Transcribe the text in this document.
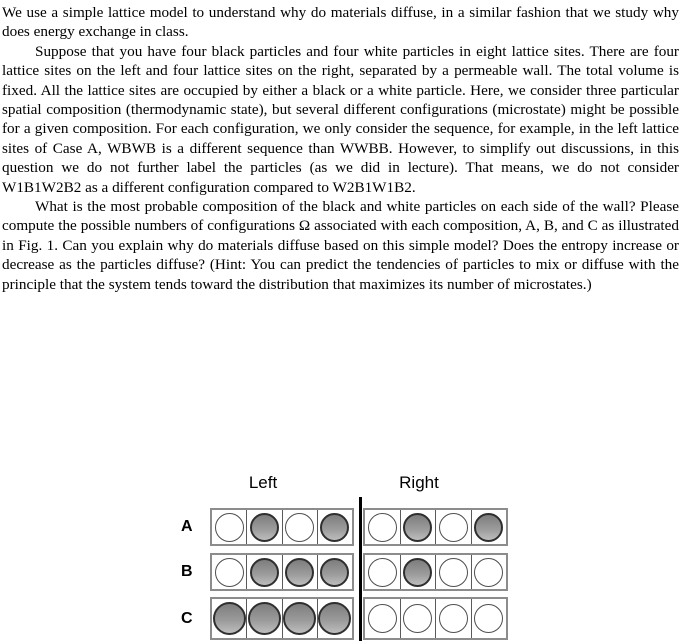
We use a simple lattice model to understand why do materials diffuse, in a similar fashion that we study why does energy exchange in class.

Suppose that you have four black particles and four white particles in eight lattice sites. There are four lattice sites on the left and four lattice sites on the right, separated by a permeable wall. The total volume is fixed. All the lattice sites are occupied by either a black or a white particle. Here, we consider three particular spatial composition (thermodynamic state), but several different configurations (microstate) might be possible for a given composition. For each configuration, we only consider the sequence, for example, in the left lattice sites of Case A, WBWB is a different sequence than WWBB. However, to simplify out discussions, in this question we do not further label the particles (as we did in lecture). That means, we do not consider W1B1W2B2 as a different configuration compared to W2B1W1B2.

What is the most probable composition of the black and white particles on each side of the wall? Please compute the possible numbers of configurations Ω associated with each composition, A, B, and C as illustrated in Fig. 1. Can you explain why do materials diffuse based on this simple model? Does the entropy increase or decrease as the particles diffuse? (Hint: You can predict the tendencies of particles to mix or diffuse with the principle that the system tends toward the distribution that maximizes its number of microstates.)

Left	Right
A
B
C
